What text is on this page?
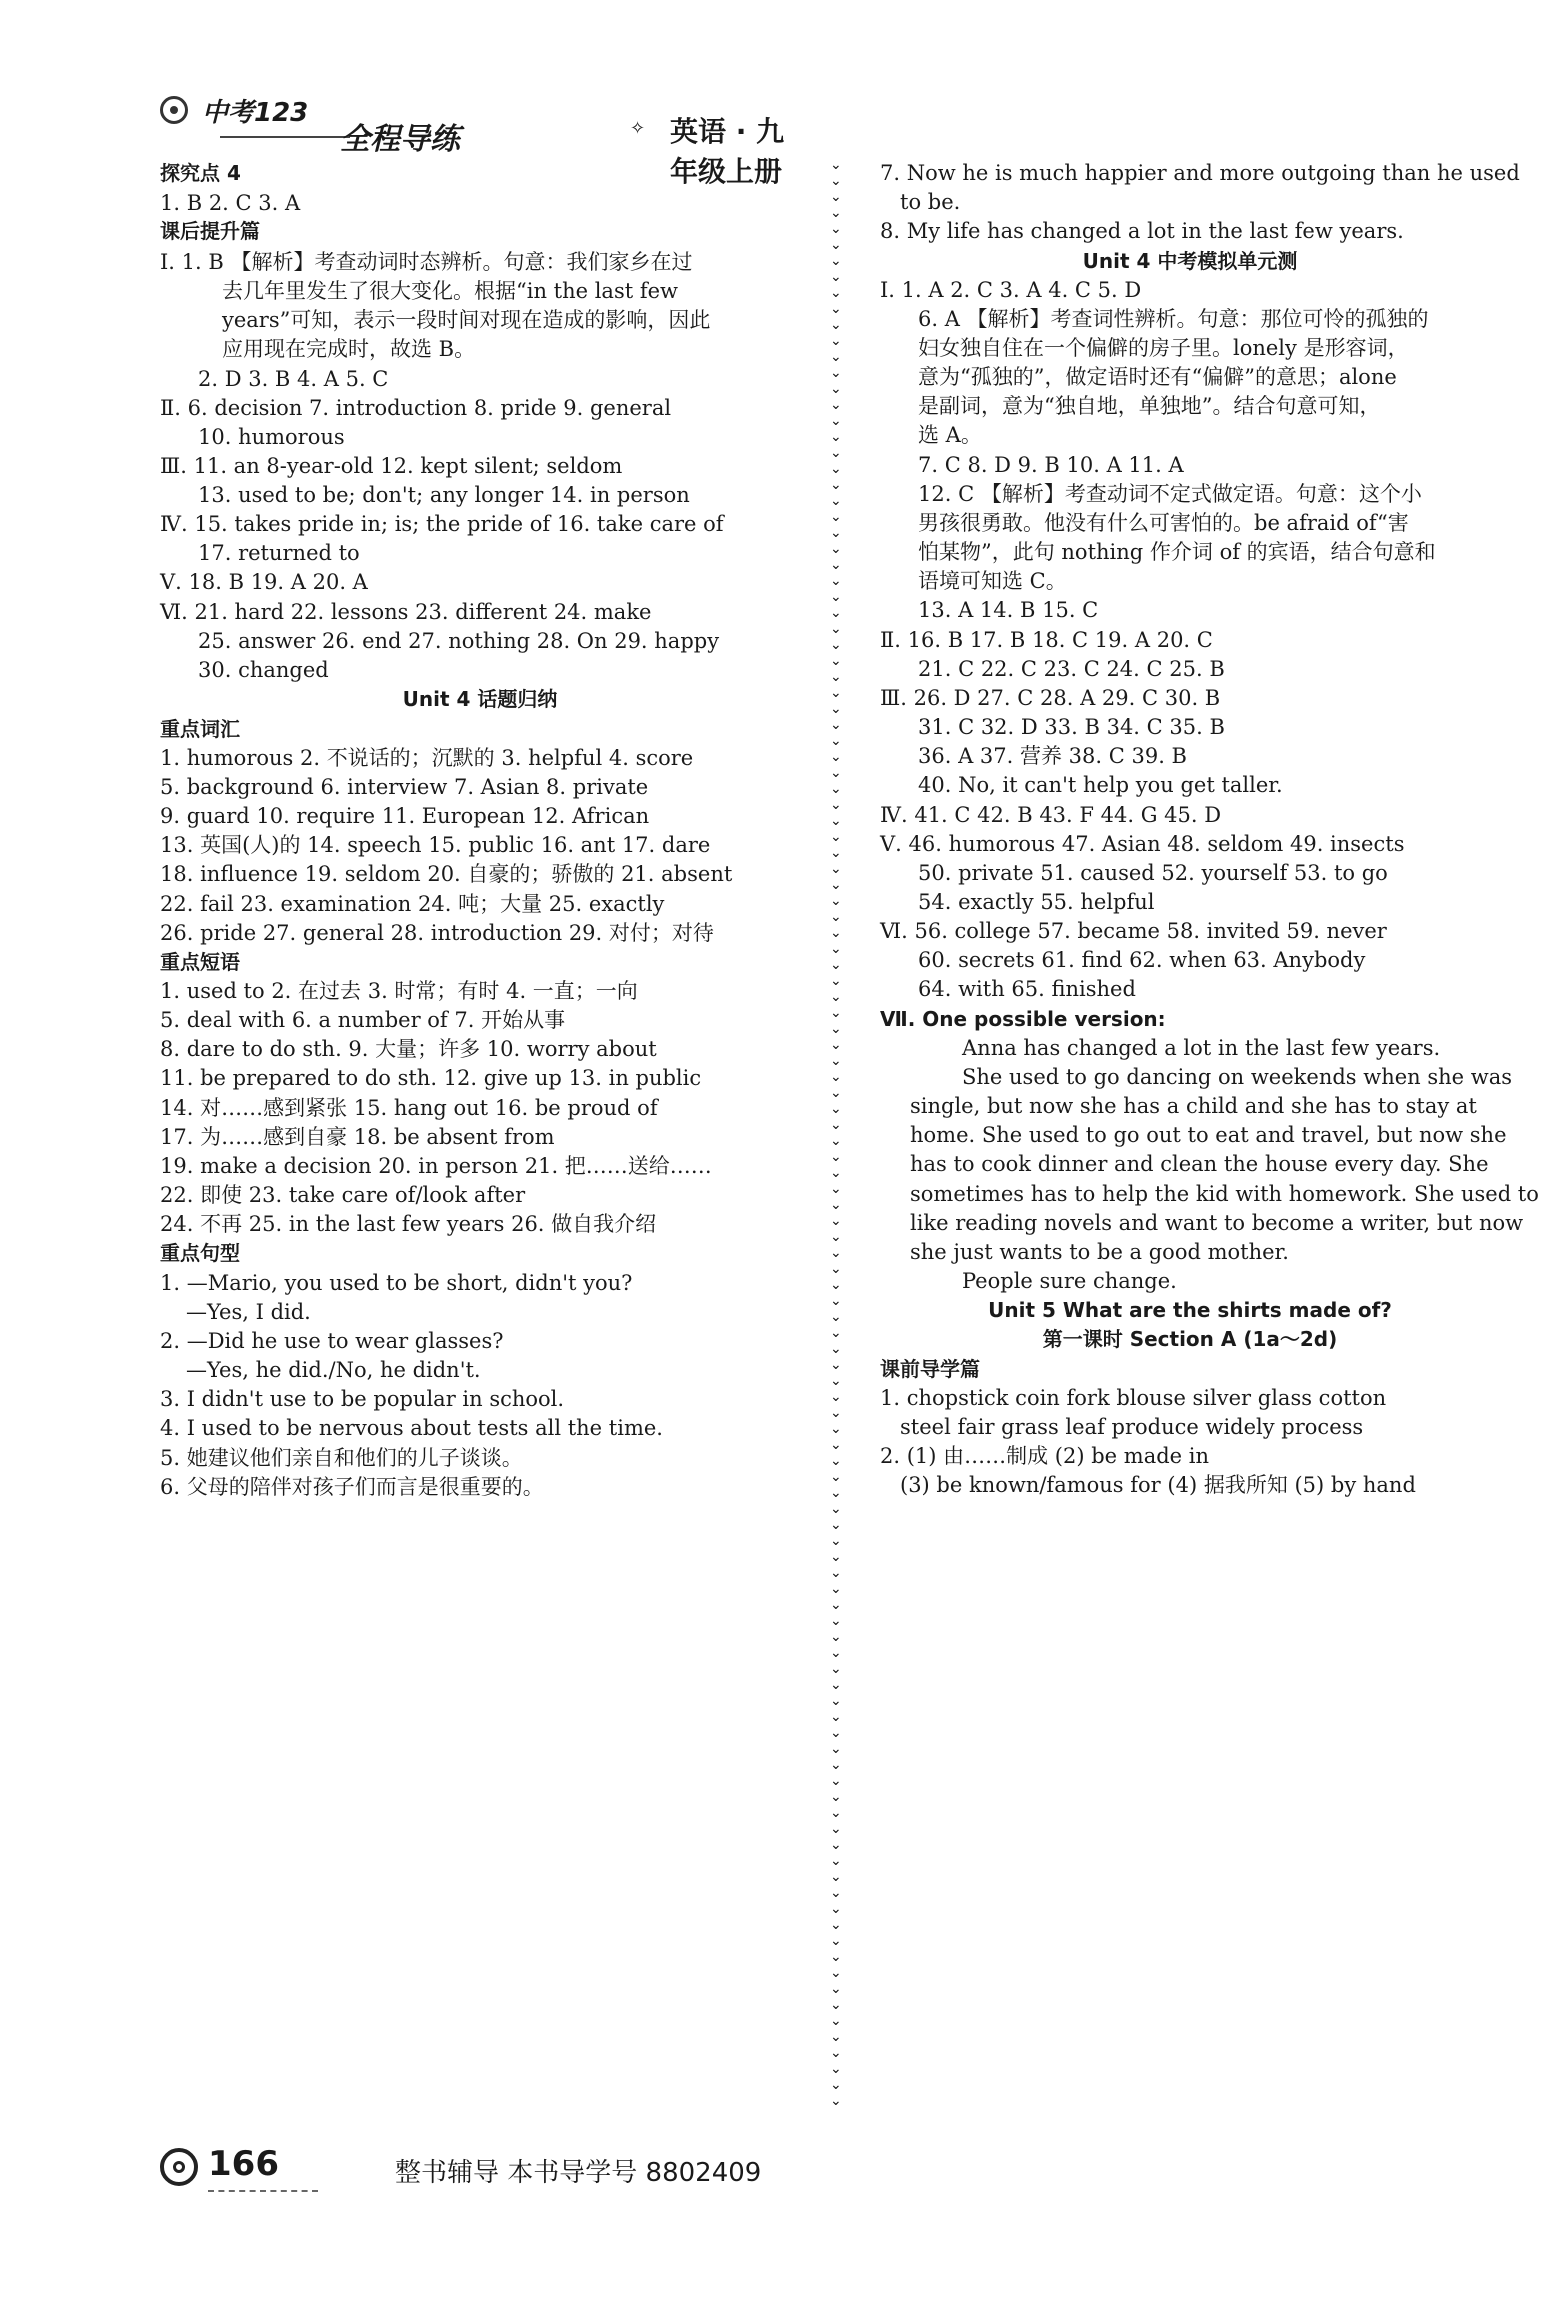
中考123
全程导练	✧ 英语 · 九年级上册
探究点 4
1. B 2. C 3. A
课后提升篇
Ⅰ. 1. B 【解析】考查动词时态辨析。句意：我们家乡在过
去几年里发生了很大变化。根据“in the last few
years”可知，表示一段时间对现在造成的影响，因此
应用现在完成时，故选 B。
2. D 3. B 4. A 5. C
Ⅱ. 6. decision 7. introduction 8. pride 9. general
10. humorous
Ⅲ. 11. an 8-year-old 12. kept silent; seldom
13. used to be; don't; any longer 14. in person
Ⅳ. 15. takes pride in; is; the pride of 16. take care of
17. returned to
Ⅴ. 18. B 19. A 20. A
Ⅵ. 21. hard 22. lessons 23. different 24. make
25. answer 26. end 27. nothing 28. On 29. happy
30. changed
Unit 4 话题归纳
重点词汇
1. humorous 2. 不说话的；沉默的 3. helpful 4. score
5. background 6. interview 7. Asian 8. private
9. guard 10. require 11. European 12. African
13. 英国(人)的 14. speech 15. public 16. ant 17. dare
18. influence 19. seldom 20. 自豪的；骄傲的 21. absent
22. fail 23. examination 24. 吨；大量 25. exactly
26. pride 27. general 28. introduction 29. 对付；对待
重点短语
1. used to 2. 在过去 3. 时常；有时 4. 一直；一向
5. deal with 6. a number of 7. 开始从事
8. dare to do sth. 9. 大量；许多 10. worry about
11. be prepared to do sth. 12. give up 13. in public
14. 对……感到紧张 15. hang out 16. be proud of
17. 为……感到自豪 18. be absent from
19. make a decision 20. in person 21. 把……送给……
22. 即使 23. take care of/look after
24. 不再 25. in the last few years 26. 做自我介绍
重点句型
1. —Mario, you used to be short, didn't you?
—Yes, I did.
2. —Did he use to wear glasses?
—Yes, he did./No, he didn't.
3. I didn't use to be popular in school.
4. I used to be nervous about tests all the time.
5. 她建议他们亲自和他们的儿子谈谈。
6. 父母的陪伴对孩子们而言是很重要的。
⌄
⌄
⌄
⌄
⌄
⌄
⌄
⌄
⌄
⌄
⌄
⌄
⌄
⌄
⌄
⌄
⌄
⌄
⌄
⌄
⌄
⌄
⌄
⌄
⌄
⌄
⌄
⌄
⌄
⌄
⌄
⌄
⌄
⌄
⌄
⌄
⌄
⌄
⌄
⌄
⌄
⌄
⌄
⌄
⌄
⌄
⌄
⌄
⌄
⌄
⌄
⌄
⌄
⌄
⌄
⌄
⌄
⌄
⌄
⌄
⌄
⌄
⌄
⌄
⌄
⌄
⌄
⌄
⌄
⌄
⌄
⌄
⌄
⌄
⌄
⌄
⌄
⌄
⌄
⌄
⌄
⌄
⌄
⌄
⌄
⌄
⌄
⌄
⌄
⌄
⌄
⌄
⌄
⌄
⌄
⌄
⌄
⌄
⌄
⌄
⌄
⌄
⌄
⌄
⌄
⌄
⌄
⌄
⌄
⌄
⌄
⌄
⌄
⌄
⌄
⌄
⌄
⌄
⌄
⌄
⌄
⌄
7. Now he is much happier and more outgoing than he used
to be.
8. My life has changed a lot in the last few years.
Unit 4 中考模拟单元测
Ⅰ. 1. A 2. C 3. A 4. C 5. D
6. A 【解析】考查词性辨析。句意：那位可怜的孤独的
妇女独自住在一个偏僻的房子里。lonely 是形容词，
意为“孤独的”，做定语时还有“偏僻”的意思；alone
是副词，意为“独自地，单独地”。结合句意可知，
选 A。
7. C 8. D 9. B 10. A 11. A
12. C 【解析】考查动词不定式做定语。句意：这个小
男孩很勇敢。他没有什么可害怕的。be afraid of“害
怕某物”，此句 nothing 作介词 of 的宾语，结合句意和
语境可知选 C。
13. A 14. B 15. C
Ⅱ. 16. B 17. B 18. C 19. A 20. C
21. C 22. C 23. C 24. C 25. B
Ⅲ. 26. D 27. C 28. A 29. C 30. B
31. C 32. D 33. B 34. C 35. B
36. A 37. 营养 38. C 39. B
40. No, it can't help you get taller.
Ⅳ. 41. C 42. B 43. F 44. G 45. D
Ⅴ. 46. humorous 47. Asian 48. seldom 49. insects
50. private 51. caused 52. yourself 53. to go
54. exactly 55. helpful
Ⅵ. 56. college 57. became 58. invited 59. never
60. secrets 61. find 62. when 63. Anybody
64. with 65. finished
Ⅶ. One possible version:
Anna has changed a lot in the last few years.
She used to go dancing on weekends when she was
single, but now she has a child and she has to stay at
home. She used to go out to eat and travel, but now she
has to cook dinner and clean the house every day. She
sometimes has to help the kid with homework. She used to
like reading novels and want to become a writer, but now
she just wants to be a good mother.
People sure change.
Unit 5 What are the shirts made of?
第一课时 Section A (1a～2d)
课前导学篇
1. chopstick coin fork blouse silver glass cotton
steel fair grass leaf produce widely process
2. (1) 由……制成 (2) be made in
(3) be known/famous for (4) 据我所知 (5) by hand
166	整书辅导 本书导学号 8802409
